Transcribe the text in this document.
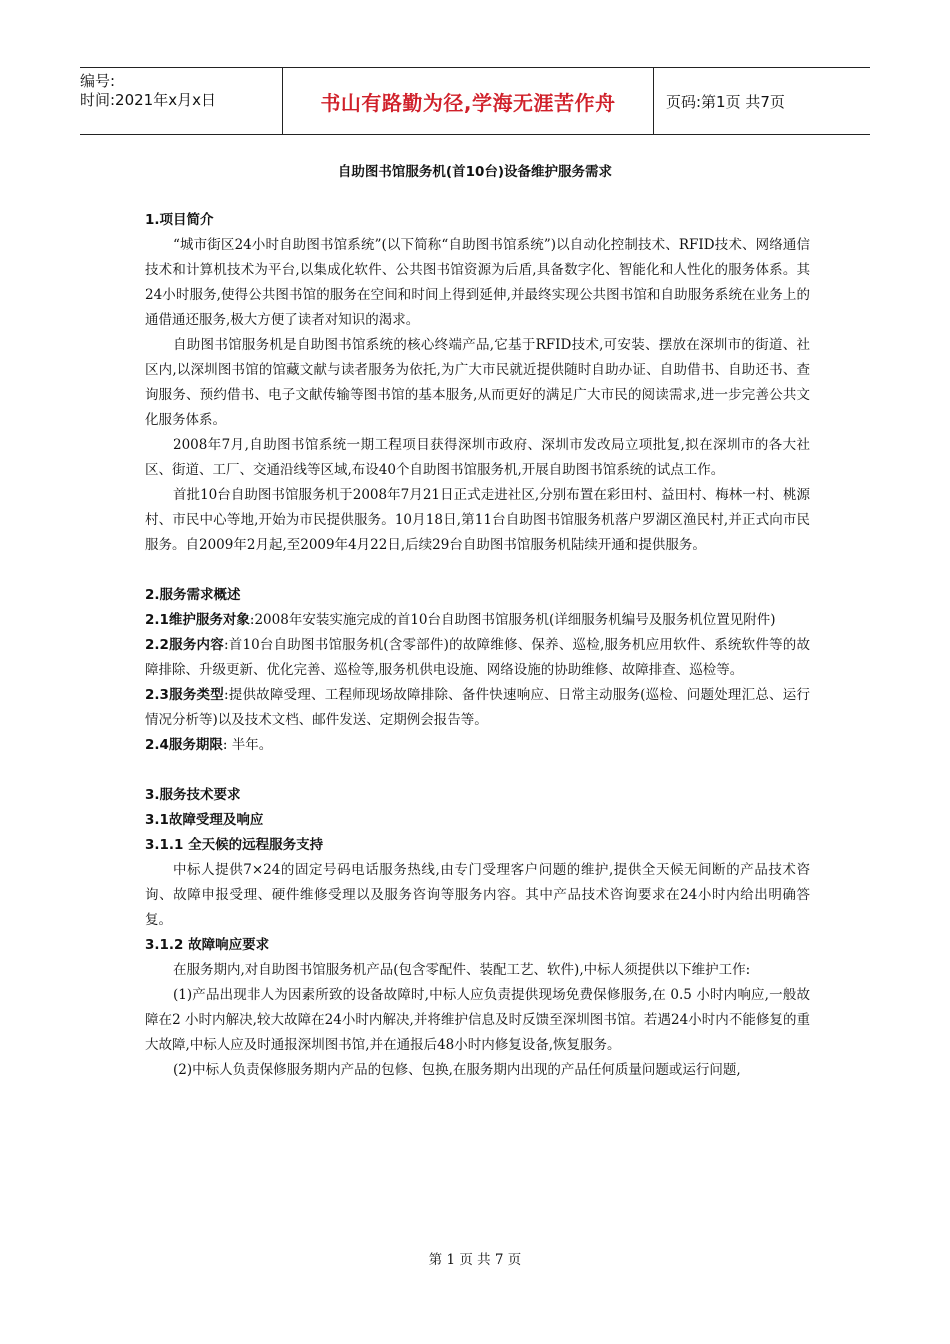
编号:
时间:2021年x月x日	书山有路勤为径,学海无涯苦作舟	页码:第1页 共7页
自助图书馆服务机(首10台)设备维护服务需求

1.项目简介

“城市街区24小时自助图书馆系统”(以下简称“自助图书馆系统”)以自动化控制技术、RFID技术、网络通信技术和计算机技术为平台,以集成化软件、公共图书馆资源为后盾,具备数字化、智能化和人性化的服务体系。其24小时服务,使得公共图书馆的服务在空间和时间上得到延伸,并最终实现公共图书馆和自助服务系统在业务上的通借通还服务,极大方便了读者对知识的渴求。

自助图书馆服务机是自助图书馆系统的核心终端产品,它基于RFID技术,可安装、摆放在深圳市的街道、社区内,以深圳图书馆的馆藏文献与读者服务为依托,为广大市民就近提供随时自助办证、自助借书、自助还书、查询服务、预约借书、电子文献传输等图书馆的基本服务,从而更好的满足广大市民的阅读需求,进一步完善公共文化服务体系。

2008年7月,自助图书馆系统一期工程项目获得深圳市政府、深圳市发改局立项批复,拟在深圳市的各大社区、街道、工厂、交通沿线等区域,布设40个自助图书馆服务机,开展自助图书馆系统的试点工作。

首批10台自助图书馆服务机于2008年7月21日正式走进社区,分别布置在彩田村、益田村、梅林一村、桃源村、市民中心等地,开始为市民提供服务。10月18日,第11台自助图书馆服务机落户罗湖区渔民村,并正式向市民服务。自2009年2月起,至2009年4月22日,后续29台自助图书馆服务机陆续开通和提供服务。

2.服务需求概述

2.1维护服务对象:2008年安装实施完成的首10台自助图书馆服务机(详细服务机编号及服务机位置见附件)

2.2服务内容:首10台自助图书馆服务机(含零部件)的故障维修、保养、巡检,服务机应用软件、系统软件等的故障排除、升级更新、优化完善、巡检等,服务机供电设施、网络设施的协助维修、故障排查、巡检等。

2.3服务类型:提供故障受理、工程师现场故障排除、备件快速响应、日常主动服务(巡检、问题处理汇总、运行情况分析等)以及技术文档、邮件发送、定期例会报告等。

2.4服务期限: 半年。

3.服务技术要求

3.1故障受理及响应

3.1.1 全天候的远程服务支持

中标人提供7×24的固定号码电话服务热线,由专门受理客户问题的维护,提供全天候无间断的产品技术咨询、故障申报受理、硬件维修受理以及服务咨询等服务内容。其中产品技术咨询要求在24小时内给出明确答复。

3.1.2 故障响应要求

在服务期内,对自助图书馆服务机产品(包含零配件、装配工艺、软件),中标人须提供以下维护工作:

(1)产品出现非人为因素所致的设备故障时,中标人应负责提供现场免费保修服务,在 0.5 小时内响应,一般故障在2 小时内解决,较大故障在24小时内解决,并将维护信息及时反馈至深圳图书馆。若遇24小时内不能修复的重大故障,中标人应及时通报深圳图书馆,并在通报后48小时内修复设备,恢复服务。

(2)中标人负责保修服务期内产品的包修、包换,在服务期内出现的产品任何质量问题或运行问题,

第 1 页 共 7 页
